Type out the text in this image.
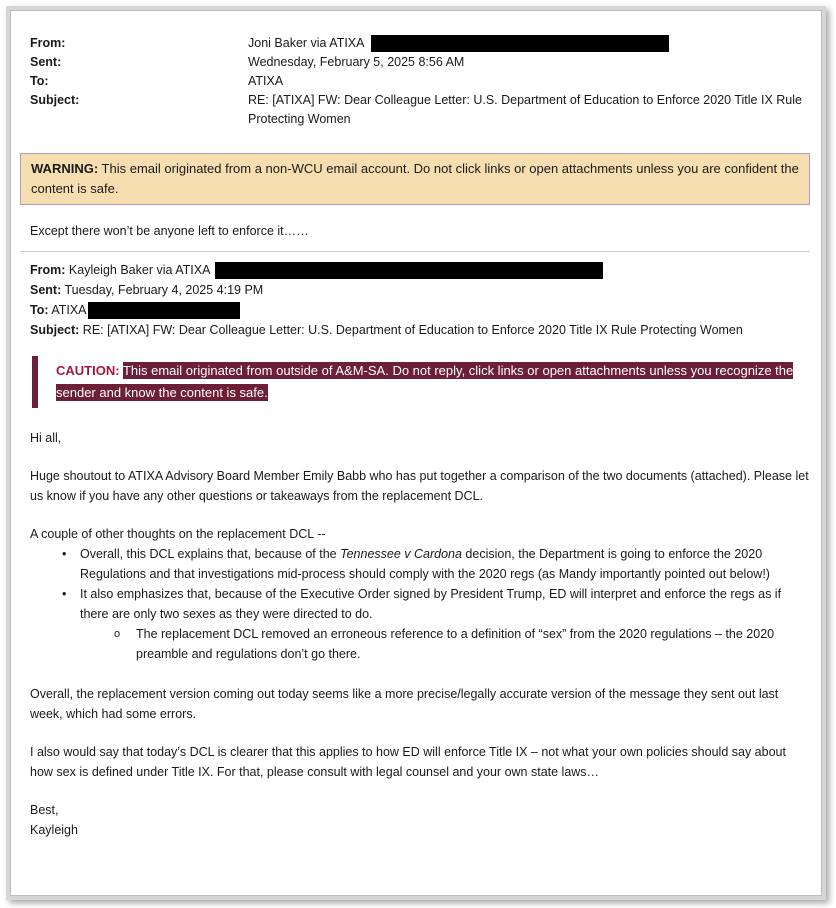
From:	Joni Baker via ATIXA
Sent:	Wednesday, February 5, 2025 8:56 AM
To:	ATIXA
Subject:	RE: [ATIXA] FW: Dear Colleague Letter: U.S. Department of Education to Enforce 2020 Title IX Rule Protecting Women
WARNING: This email originated from a non-WCU email account. Do not click links or open attachments unless you are confident the content is safe.
Except there won’t be anyone left to enforce it……
From: Kayleigh Baker via ATIXA
Sent: Tuesday, February 4, 2025 4:19 PM
To: ATIXA
Subject: RE: [ATIXA] FW: Dear Colleague Letter: U.S. Department of Education to Enforce 2020 Title IX Rule Protecting Women
CAUTION: This email originated from outside of A&M-SA. Do not reply, click links or open attachments unless you recognize the sender and know the content is safe.
Hi all,
Huge shoutout to ATIXA Advisory Board Member Emily Babb who has put together a comparison of the two documents (attached). Please let us know if you have any other questions or takeaways from the replacement DCL.
A couple of other thoughts on the replacement DCL --
• Overall, this DCL explains that, because of the Tennessee v Cardona decision, the Department is going to enforce the 2020 Regulations and that investigations mid-process should comply with the 2020 regs (as Mandy importantly pointed out below!)
• It also emphasizes that, because of the Executive Order signed by President Trump, ED will interpret and enforce the regs as if there are only two sexes as they were directed to do.
o The replacement DCL removed an erroneous reference to a definition of “sex” from the 2020 regulations – the 2020 preamble and regulations don’t go there.
Overall, the replacement version coming out today seems like a more precise/legally accurate version of the message they sent out last week, which had some errors.
I also would say that today’s DCL is clearer that this applies to how ED will enforce Title IX – not what your own policies should say about how sex is defined under Title IX. For that, please consult with legal counsel and your own state laws…
Best,
Kayleigh
